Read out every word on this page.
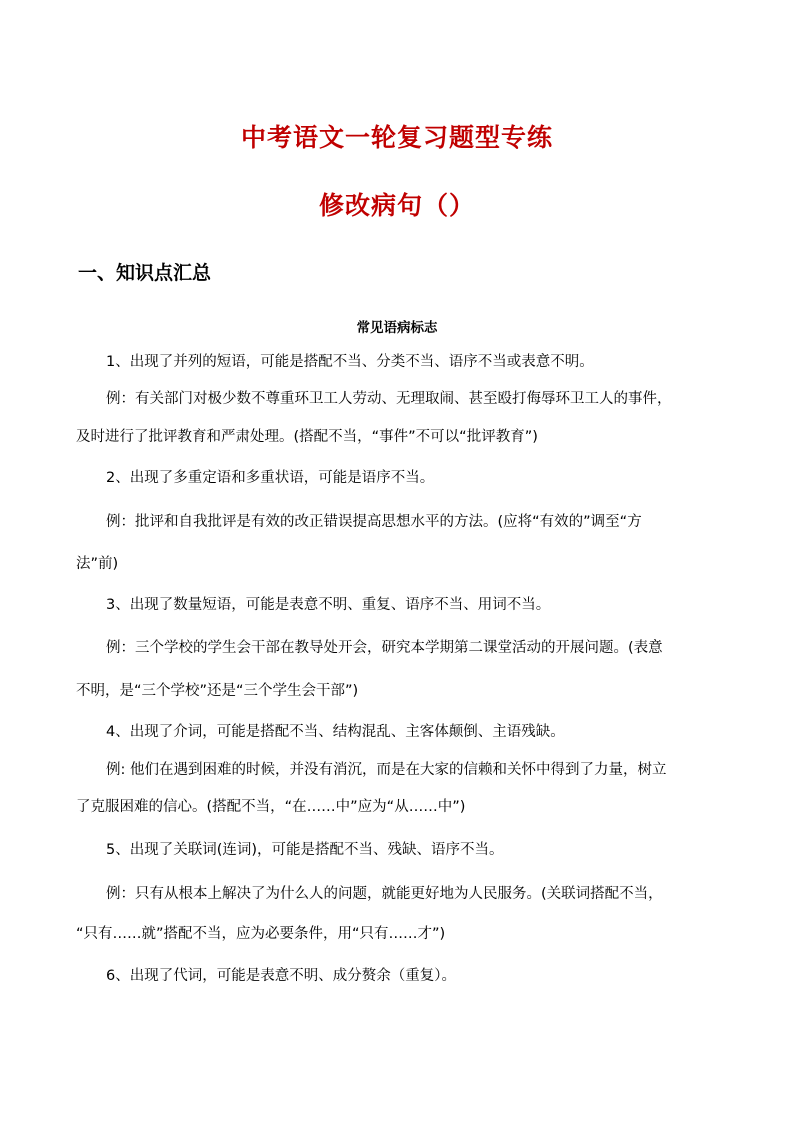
中考语文一轮复习题型专练
修改病句（）
一、知识点汇总
常见语病标志
1、出现了并列的短语，可能是搭配不当、分类不当、语序不当或表意不明。
例：有关部门对极少数不尊重环卫工人劳动、无理取闹、甚至殴打侮辱环卫工人的事件，
及时进行了批评教育和严肃处理。(搭配不当，“事件”不可以“批评教育”)
2、出现了多重定语和多重状语，可能是语序不当。
例：批评和自我批评是有效的改正错误提高思想水平的方法。(应将“有效的”调至“方
法”前)
3、出现了数量短语，可能是表意不明、重复、语序不当、用词不当。
例：三个学校的学生会干部在教导处开会，研究本学期第二课堂活动的开展问题。(表意
不明，是“三个学校”还是“三个学生会干部”)
4、出现了介词，可能是搭配不当、结构混乱、主客体颠倒、主语残缺。
例: 他们在遇到困难的时候，并没有消沉，而是在大家的信赖和关怀中得到了力量，树立
了克服困难的信心。(搭配不当，“在……中”应为“从……中”)
5、出现了关联词(连词)，可能是搭配不当、残缺、语序不当。
例：只有从根本上解决了为什么人的问题，就能更好地为人民服务。(关联词搭配不当，
“只有……就”搭配不当，应为必要条件，用“只有……才”)
6、出现了代词，可能是表意不明、成分赘余（重复）。
